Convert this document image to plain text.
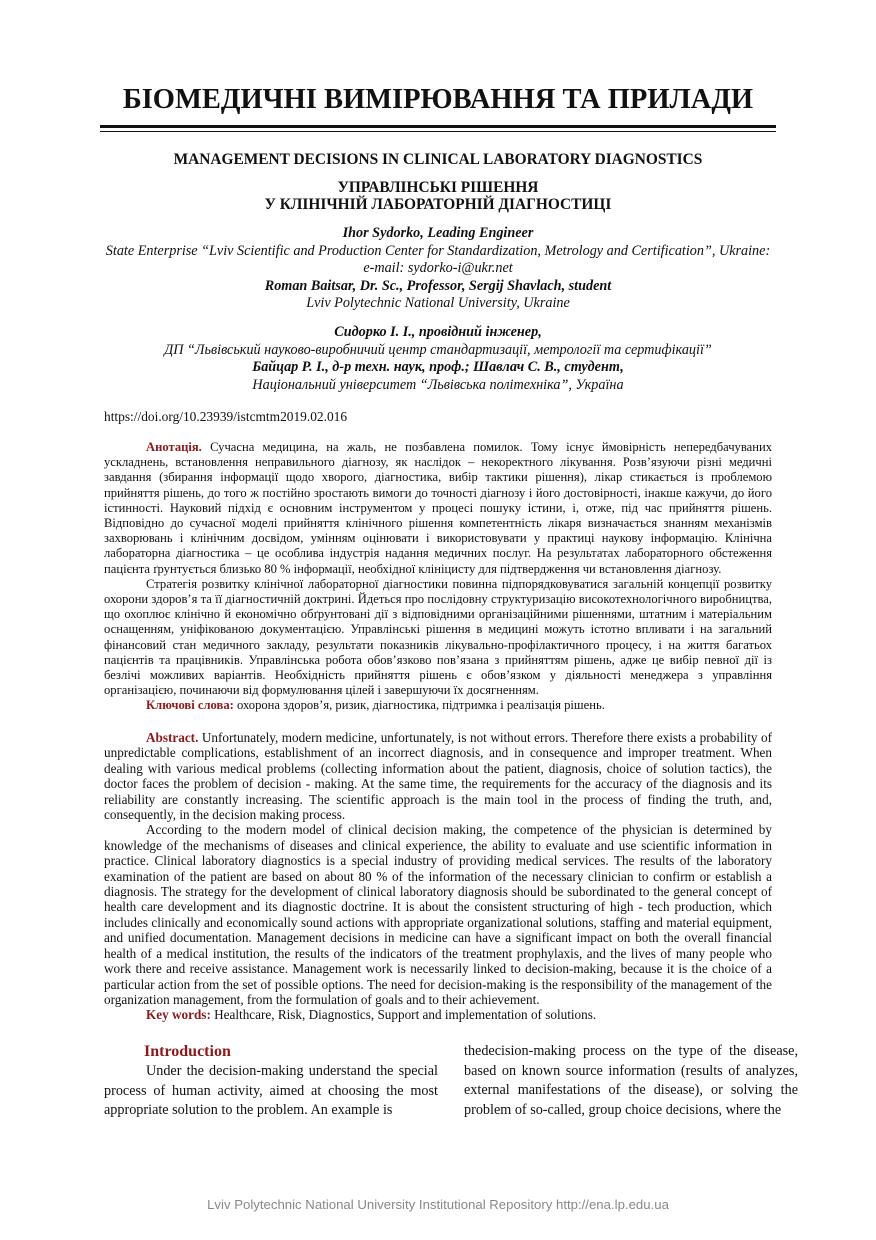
БІОМЕДИЧНІ ВИМІРЮВАННЯ ТА ПРИЛАДИ
MANAGEMENT DECISIONS IN CLINICAL LABORATORY DIAGNOSTICS
УПРАВЛІНСЬКІ РІШЕННЯ
У КЛІНІЧНІЙ ЛАБОРАТОРНІЙ ДІАГНОСТИЦІ
Ihor Sydorko, Leading Engineer
State Enterprise “Lviv Scientific and Production Center for Standardization, Metrology and Certification”, Ukraine:
e-mail: sydorko-i@ukr.net
Roman Baitsar, Dr. Sc., Professor, Sergij Shavlach, student
Lviv Polytechnic National University, Ukraine
Сидорко І. І., провідний інженер,
ДП “Львівський науково-виробничий центр стандартизації, метрології та сертифікації”
Байцар Р. І., д-р техн. наук, проф.; Шавлач С. В., студент,
Національний університет “Львівська політехніка”, Україна
https://doi.org/10.23939/istcmtm2019.02.016

Анотація. Сучасна медицина, на жаль, не позбавлена помилок. Тому існує ймовірність непередбачуваних ускладнень, встановлення неправильного діагнозу, як наслідок – некоректного лікування. Розв’язуючи різні медичні завдання (збирання інформації щодо хворого, діагностика, вибір тактики рішення), лікар стикається із проблемою прийняття рішень, до того ж постійно зростають вимоги до точності діагнозу і його достовірності, інакше кажучи, до його істинності. Науковий підхід є основним інструментом у процесі пошуку істини, і, отже, під час прийняття рішень. Відповідно до сучасної моделі прийняття клінічного рішення компетентність лікаря визначається знанням механізмів захворювань і клінічним досвідом, умінням оцінювати і використовувати у практиці наукову інформацію. Клінічна лабораторна діагностика – це особлива індустрія надання медичних послуг. На результатах лабораторного обстеження пацієнта ґрунтується близько 80 % інформації, необхідної клініцисту для підтвердження чи встановлення діагнозу.

Стратегія розвитку клінічної лабораторної діагностики повинна підпорядковуватися загальній концепції розвитку охорони здоров’я та її діагностичній доктрині. Йдеться про послідовну структуризацію високотехнологічного виробництва, що охоплює клінічно й економічно обґрунтовані дії з відповідними організаційними рішеннями, штатним і матеріальним оснащенням, уніфікованою документацією. Управлінські рішення в медицині можуть істотно впливати і на загальний фінансовий стан медичного закладу, результати показників лікувально-профілактичного процесу, і на життя багатьох пацієнтів та працівників. Управлінська робота обов’язково пов’язана з прийняттям рішень, адже це вибір певної дії із безлічі можливих варіантів. Необхідність прийняття рішень є обов’язком у діяльності менеджера з управління організацією, починаючи від формулювання цілей і завершуючи їх досягненням.

Ключові слова: охорона здоров’я, ризик, діагностика, підтримка і реалізація рішень.

Abstract. Unfortunately, modern medicine, unfortunately, is not without errors. Therefore there exists a probability of unpredictable complications, establishment of an incorrect diagnosis, and in consequence and improper treatment. When dealing with various medical problems (collecting information about the patient, diagnosis, choice of solution tactics), the doctor faces the problem of decision - making. At the same time, the requirements for the accuracy of the diagnosis and its reliability are constantly increasing. The scientific approach is the main tool in the process of finding the truth, and, consequently, in the decision making process.

According to the modern model of clinical decision making, the competence of the physician is determined by knowledge of the mechanisms of diseases and clinical experience, the ability to evaluate and use scientific information in practice. Clinical laboratory diagnostics is a special industry of providing medical services. The results of the laboratory examination of the patient are based on about 80 % of the information of the necessary clinician to confirm or establish a diagnosis. The strategy for the development of clinical laboratory diagnosis should be subordinated to the general concept of health care development and its diagnostic doctrine. It is about the consistent structuring of high - tech production, which includes clinically and economically sound actions with appropriate organizational solutions, staffing and material equipment, and unified documentation. Management decisions in medicine can have a significant impact on both the overall financial health of a medical institution, the results of the indicators of the treatment prophylaxis, and the lives of many people who work there and receive assistance. Management work is necessarily linked to decision-making, because it is the choice of a particular action from the set of possible options. The need for decision-making is the responsibility of the management of the organization management, from the formulation of goals and to their achievement.

Key words: Healthcare, Risk, Diagnostics, Support and implementation of solutions.

Introduction

Under the decision-making understand the special process of human activity, aimed at choosing the most appropriate solution to the problem. An example is

thedecision-making process on the type of the disease, based on known source information (results of analyzes, external manifestations of the disease), or solving the problem of so-called, group choice decisions, where the
Lviv Polytechnic National University Institutional Repository http://ena.lp.edu.ua
